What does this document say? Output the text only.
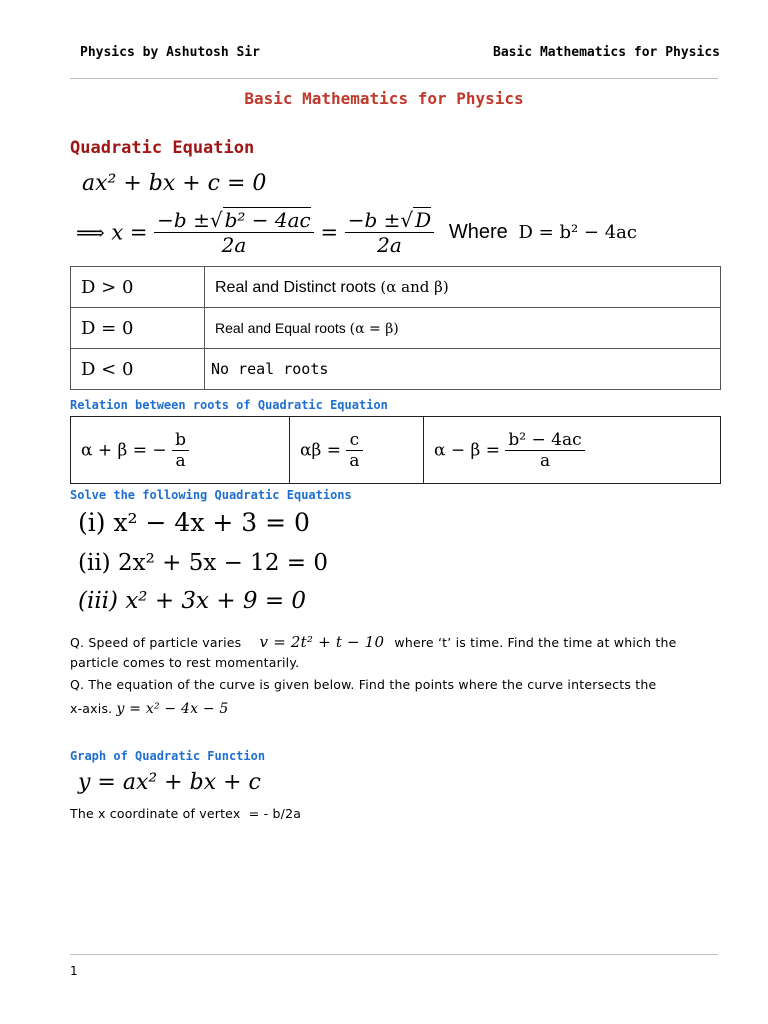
Physics by Ashutosh Sir	Basic Mathematics for Physics
Basic Mathematics for Physics
Quadratic Equation
ax² + bx + c = 0
⟹ $x = \frac{\text{−b ±√ b² − 4ac}}{2a} = \frac{-b \pm√ D}{2a}$ Where D = b² − 4ac
D > 0	Real and Distinct roots (α and β)
D = 0	Real and Equal roots (α = β)
D < 0	No real roots
Relation between roots of Quadratic Equation
α + β = − $\frac{b}{a}$	$\alpha\beta = \frac{c}{a}$	$\alpha - \beta = \frac{\text{b² − 4ac}}{a}$
Solve the following Quadratic Equations
(i) x² − 4x + 3 = 0
(ii) 2x² + 5x − 12 = 0
(iii) x² + 3x + 9 = 0
Q. Speed of particle varies v = 2t² + t − 10 where ‘t’ is time. Find the time at which the
particle comes to rest momentarily.
Q. The equation of the curve is given below. Find the points where the curve intersects the
x-axis. y = x² − 4x − 5
Graph of Quadratic Function
y = ax² + bx + c
The x coordinate of vertex  = - b/2a
1
